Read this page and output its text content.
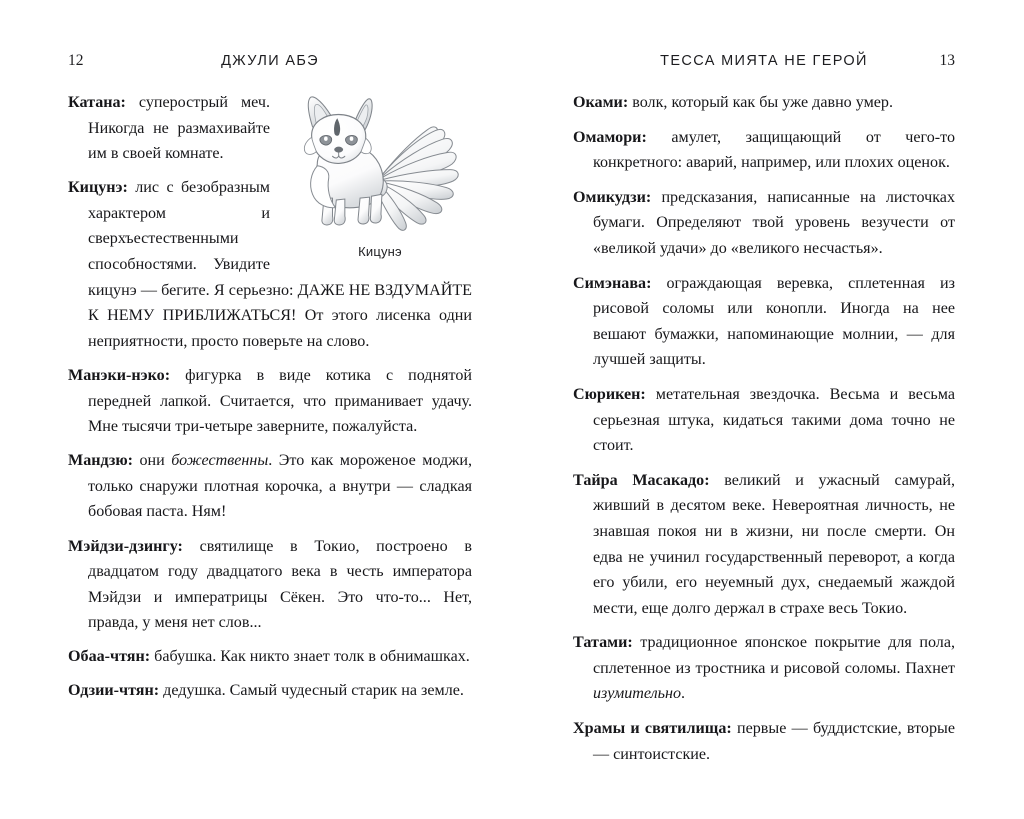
12	ДЖУЛИ АБЭ	ТЕССА МИЯТА НЕ ГЕРОЙ	13
Кицунэ

Катана: суперострый меч. Никогда не размахивайте им в своей комнате.

Кицунэ: лис с безобразным характером и сверхъестественными способностями. Увидите кицунэ — бегите. Я серьезно: ДАЖЕ НЕ ВЗДУМАЙТЕ К НЕМУ ПРИБЛИЖАТЬСЯ! От этого лисенка одни неприятности, просто поверьте на слово.

Манэки-нэко: фигурка в виде котика с поднятой передней лапкой. Считается, что приманивает удачу. Мне тысячи три-четыре заверните, пожалуйста.

Мандзю: они божественны. Это как мороженое моджи, только снаружи плотная корочка, а внутри — сладкая бобовая паста. Ням!

Мэйдзи-дзингу: святилище в Токио, построено в двадцатом году двадцатого века в честь императора Мэйдзи и императрицы Сёкен. Это что-то... Нет, правда, у меня нет слов...

Обаа-чтян: бабушка. Как никто знает толк в обнимашках.

Одзии-чтян: дедушка. Самый чудесный старик на земле.

Оками: волк, который как бы уже давно умер.

Омамори: амулет, защищающий от чего-то конкретного: аварий, например, или плохих оценок.

Омикудзи: предсказания, написанные на листочках бумаги. Определяют твой уровень везучести от «великой удачи» до «великого несчастья».

Симэнава: ограждающая веревка, сплетенная из рисовой соломы или конопли. Иногда на нее вешают бумажки, напоминающие молнии, — для лучшей защиты.

Сюрикен: метательная звездочка. Весьма и весьма серьезная штука, кидаться такими дома точно не стоит.

Тайра Масакадо: великий и ужасный самурай, живший в десятом веке. Невероятная личность, не знавшая покоя ни в жизни, ни после смерти. Он едва не учинил государственный переворот, а когда его убили, его неуемный дух, снедаемый жаждой мести, еще долго держал в страхе весь Токио.

Татами: традиционное японское покрытие для пола, сплетенное из тростника и рисовой соломы. Пахнет изумительно.

Храмы и святилища: первые — буддистские, вторые — синтоистские.
